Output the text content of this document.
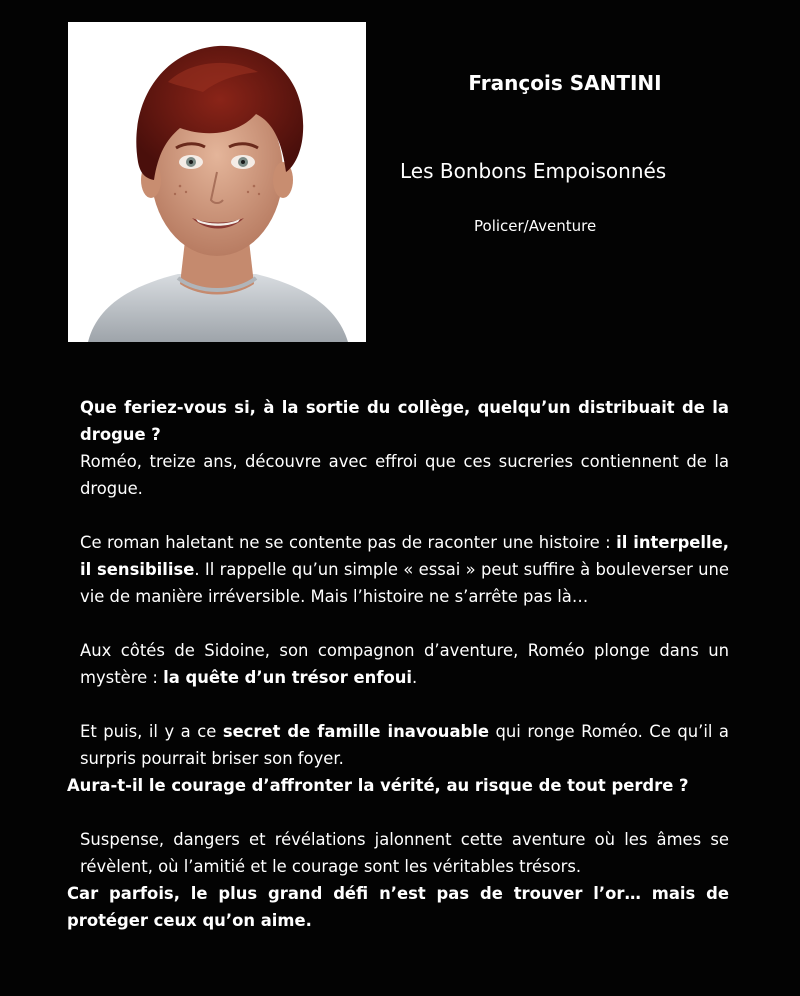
François SANTINI
Les Bonbons Empoisonnés
Policer/Aventure

Que feriez-vous si, à la sortie du collège, quelqu’un distribuait de la drogue ?

Roméo, treize ans, découvre avec effroi que ces sucreries contiennent de la drogue.

Ce roman haletant ne se contente pas de raconter une histoire : il interpelle, il sensibilise. Il rappelle qu’un simple « essai » peut suffire à bouleverser une vie de manière irréversible. Mais l’histoire ne s’arrête pas là…

Aux côtés de Sidoine, son compagnon d’aventure, Roméo plonge dans un mystère : la quête d’un trésor enfoui.

Et puis, il y a ce secret de famille inavouable qui ronge Roméo. Ce qu’il a surpris pourrait briser son foyer.

Aura-t-il le courage d’affronter la vérité, au risque de tout perdre ?

Suspense, dangers et révélations jalonnent cette aventure où les âmes se révèlent, où l’amitié et le courage sont les véritables trésors.

Car parfois, le plus grand défi n’est pas de trouver l’or… mais de protéger ceux qu’on aime.
